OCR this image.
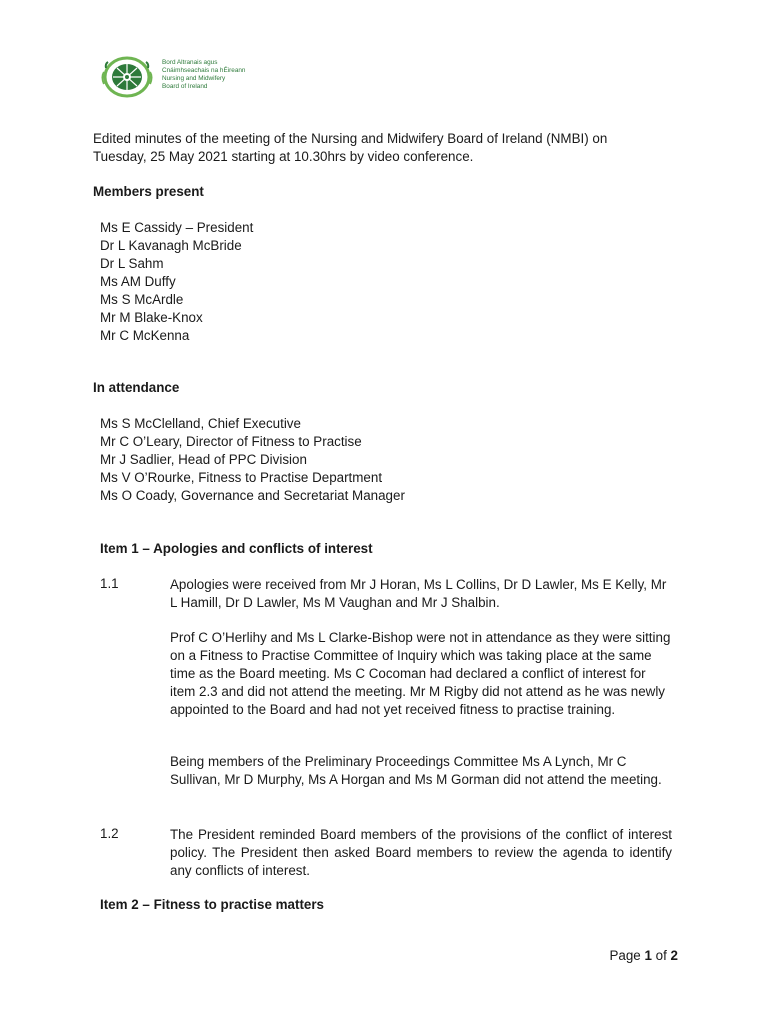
Bord Altranais agus
Cnáimhseachais na hÉireann
Nursing and Midwifery
Board of Ireland
Edited minutes of the meeting of the Nursing and Midwifery Board of Ireland (NMBI) on
Tuesday, 25 May 2021 starting at 10.30hrs by video conference.
Members present
Ms E Cassidy – President
Dr L Kavanagh McBride
Dr L Sahm
Ms AM Duffy
Ms S McArdle
Mr M Blake-Knox
Mr C McKenna
In attendance
Ms S McClelland, Chief Executive
Mr C O’Leary, Director of Fitness to Practise
Mr J Sadlier, Head of PPC Division
Ms V O’Rourke, Fitness to Practise Department
Ms O Coady, Governance and Secretariat Manager
Item 1 – Apologies and conflicts of interest
1.1	Apologies were received from Mr J Horan, Ms L Collins, Dr D Lawler, Ms E Kelly, Mr L Hamill, Dr D Lawler, Ms M Vaughan and Mr J Shalbin.
Prof C O’Herlihy and Ms L Clarke-Bishop were not in attendance as they were sitting on a Fitness to Practise Committee of Inquiry which was taking place at the same time as the Board meeting. Ms C Cocoman had declared a conflict of interest for item 2.3 and did not attend the meeting. Mr M Rigby did not attend as he was newly appointed to the Board and had not yet received fitness to practise training.
Being members of the Preliminary Proceedings Committee Ms A Lynch, Mr C Sullivan, Mr D Murphy, Ms A Horgan and Ms M Gorman did not attend the meeting.
1.2	The President reminded Board members of the provisions of the conflict of interest policy. The President then asked Board members to review the agenda to identify any conflicts of interest.
Item 2 – Fitness to practise matters
Page 1 of 2
